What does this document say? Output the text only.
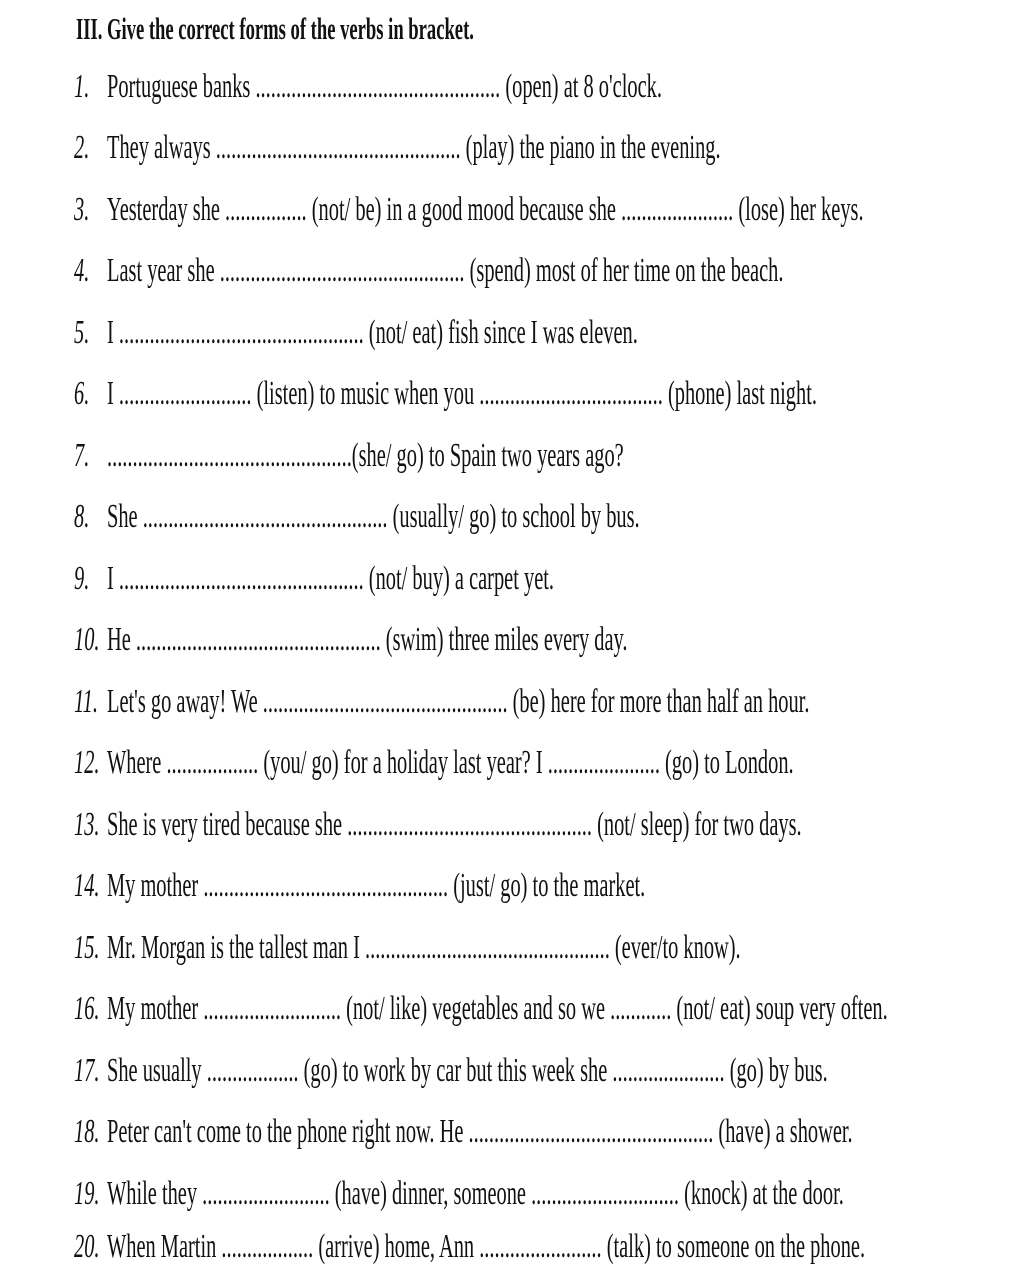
III. Give the correct forms of the verbs in bracket.
1. Portuguese banks ................................................ (open) at 8 o'clock.
2. They always ................................................ (play) the piano in the evening.
3. Yesterday she ................ (not/ be) in a good mood because she ...................... (lose) her keys.
4. Last year she ................................................ (spend) most of her time on the beach.
5. I ................................................ (not/ eat) fish since I was eleven.
6. I .......................... (listen) to music when you .................................... (phone) last night.
7. ................................................(she/ go) to Spain two years ago?
8. She ................................................ (usually/ go) to school by bus.
9. I ................................................ (not/ buy) a carpet yet.
10. He ................................................ (swim) three miles every day.
11. Let's go away! We ................................................ (be) here for more than half an hour.
12. Where .................. (you/ go) for a holiday last year? I ...................... (go) to London.
13. She is very tired because she ................................................ (not/ sleep) for two days.
14. My mother ................................................ (just/ go) to the market.
15. Mr. Morgan is the tallest man I ................................................ (ever/to know).
16. My mother ........................... (not/ like) vegetables and so we ............ (not/ eat) soup very often.
17. She usually .................. (go) to work by car but this week she ...................... (go) by bus.
18. Peter can't come to the phone right now. He ................................................ (have) a shower.
19. While they ......................... (have) dinner, someone ............................. (knock) at the door.
20. When Martin .................. (arrive) home, Ann ........................ (talk) to someone on the phone.
